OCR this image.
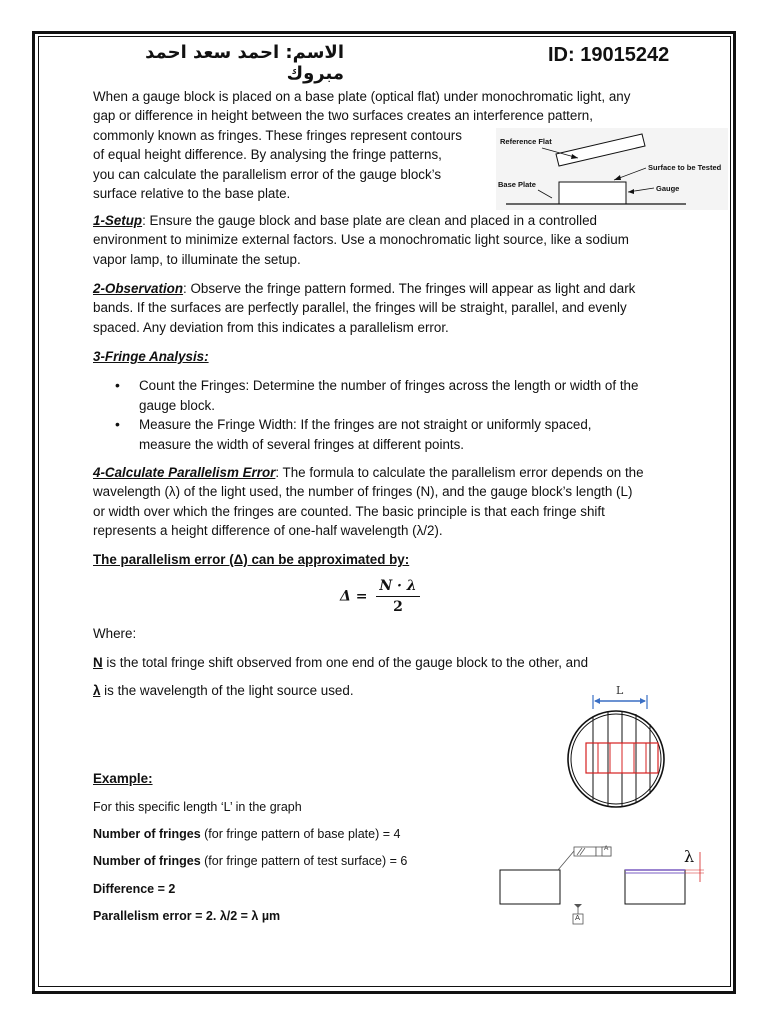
الاسم: احمد سعد احمد مبروك
ID: 19015242
When a gauge block is placed on a base plate (optical flat) under monochromatic light, any
gap or difference in height between the two surfaces creates an interference pattern,
commonly known as fringes. These fringes represent contours
of equal height difference. By analysing the fringe patterns,
you can calculate the parallelism error of the gauge block’s
surface relative to the base plate.
Reference Flat
Surface to be Tested
Base Plate	Gauge
1-Setup: Ensure the gauge block and base plate are clean and placed in a controlled
environment to minimize external factors. Use a monochromatic light source, like a sodium
vapor lamp, to illuminate the setup.
2-Observation: Observe the fringe pattern formed. The fringes will appear as light and dark
bands. If the surfaces are perfectly parallel, the fringes will be straight, parallel, and evenly
spaced. Any deviation from this indicates a parallelism error.
3-Fringe Analysis:
• Count the Fringes: Determine the number of fringes across the length or width of the
gauge block.
• Measure the Fringe Width: If the fringes are not straight or uniformly spaced,
measure the width of several fringes at different points.
4-Calculate Parallelism Error: The formula to calculate the parallelism error depends on the
wavelength (λ) of the light used, the number of fringes (N), and the gauge block’s length (L)
or width over which the fringes are counted. The basic principle is that each fringe shift
represents a height difference of one-half wavelength (λ/2).
The parallelism error (Δ) can be approximated by:
$\Delta = \frac{N \cdot \lambda}{2}$
Where:
N is the total fringe shift observed from one end of the gauge block to the other, and
λ is the wavelength of the light source used.	L
Example:
For this specific length ‘L’ in the graph
Number of fringes (for fringe pattern of base plate) = 4
Number of fringes (for fringe pattern of test surface) = 6
Difference = 2
Parallelism error = 2. λ/2 = λ µm
A
A
λ
